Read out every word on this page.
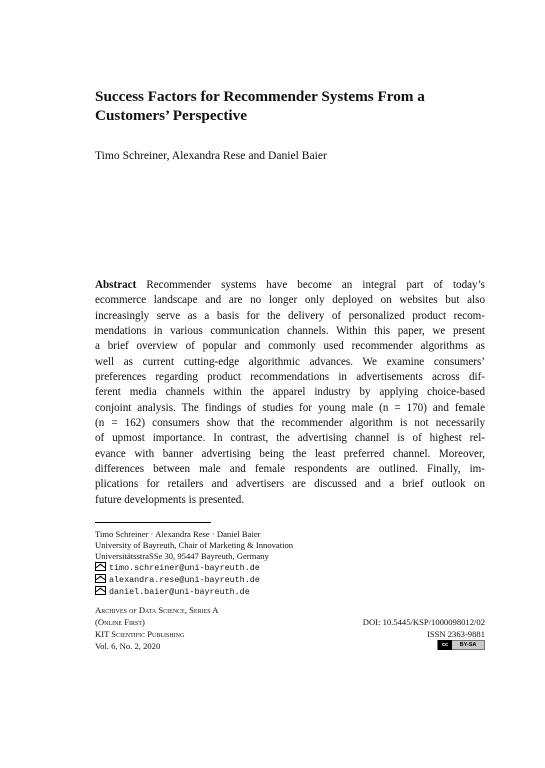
Success Factors for Recommender Systems From a Customers’ Perspective
Timo Schreiner, Alexandra Rese and Daniel Baier
Abstract Recommender systems have become an integral part of today’s
ecommerce landscape and are no longer only deployed on websites but also
increasingly serve as a basis for the delivery of personalized product recom-
mendations in various communication channels. Within this paper, we present
a brief overview of popular and commonly used recommender algorithms as
well as current cutting-edge algorithmic advances. We examine consumers’
preferences regarding product recommendations in advertisements across dif-
ferent media channels within the apparel industry by applying choice-based
conjoint analysis. The findings of studies for young male (n = 170) and female
(n = 162) consumers show that the recommender algorithm is not necessarily
of upmost importance. In contrast, the advertising channel is of highest rel-
evance with banner advertising being the least preferred channel. Moreover,
differences between male and female respondents are outlined. Finally, im-
plications for retailers and advertisers are discussed and a brief outlook on
future developments is presented.
Timo Schreiner · Alexandra Rese · Daniel Baier
University of Bayreuth, Chair of Marketing & Innovation
UniversitätsstraSSe 30, 95447 Bayreuth, Germany
timo.schreiner@uni-bayreuth.de
alexandra.rese@uni-bayreuth.de
daniel.baier@uni-bayreuth.de
Archives of Data Science, Series A
(Online First)	DOI: 10.5445/KSP/1000098012/02
KIT Scientific Publishing	ISSN 2363-9881
Vol. 6, No. 2, 2020	cc	BY-SA
